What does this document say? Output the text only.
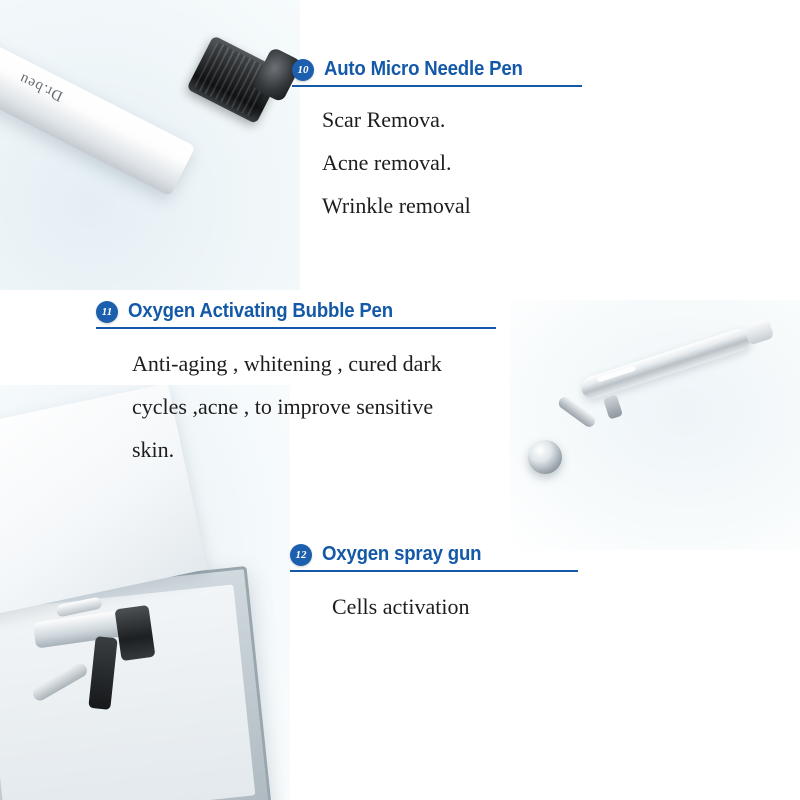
Dr.beu
10 Auto Micro Needle Pen
Scar Remova.
Acne removal.
Wrinkle removal
11 Oxygen Activating Bubble Pen
Anti-aging , whitening , cured dark
cycles ,acne , to improve sensitive
skin.
12 Oxygen spray gun
Cells activation
